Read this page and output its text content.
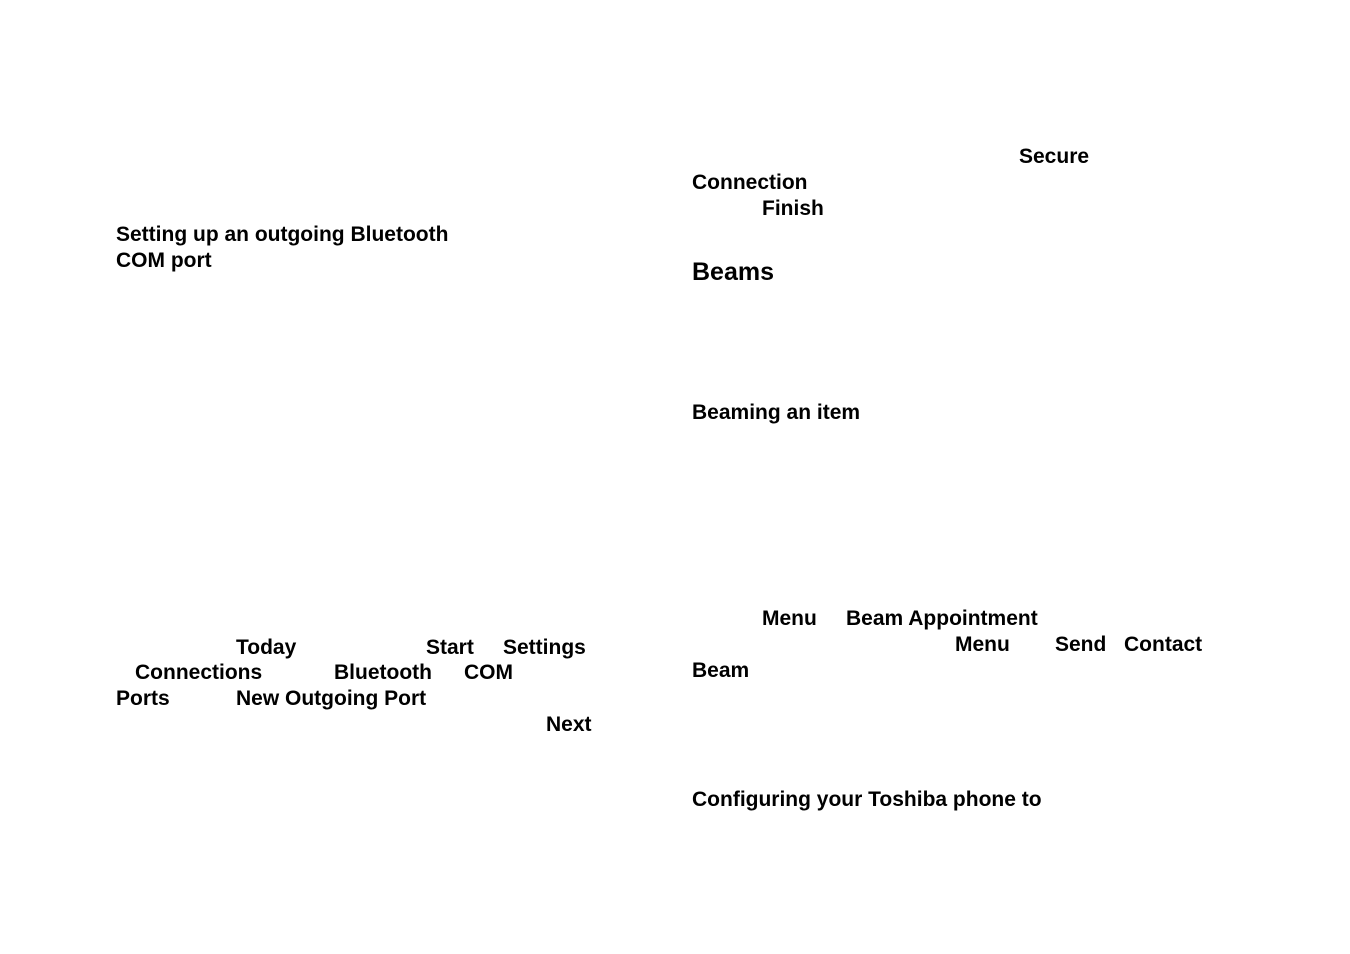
Setting up an outgoing Bluetooth
COM port
Today	Start Settings
Connections	Bluetooth COM
Ports	New Outgoing Port
Next
Secure
Connection
Finish
Beams
Beaming an item
Menu Beam Appointment
Menu Send Contact
Beam
Configuring your Toshiba phone to
